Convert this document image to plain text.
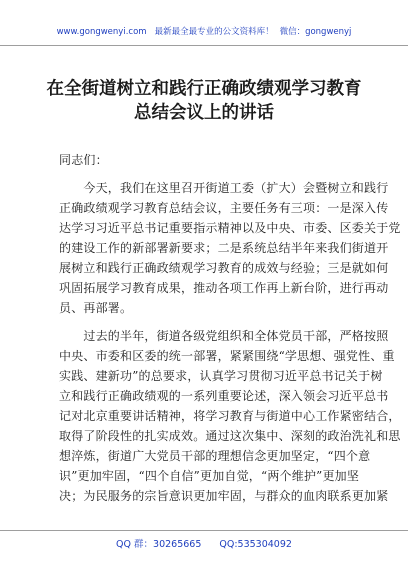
www.gongwenyi.com 最新最全最专业的公文资料库！ 微信：gongwenyj
在全街道树立和践行正确政绩观学习教育
总结会议上的讲话
同志们：
　　今天，我们在这里召开街道工委（扩大）会暨树立和践行
正确政绩观学习教育总结会议，主要任务有三项：一是深入传
达学习习近平总书记重要指示精神以及中央、市委、区委关于党
的建设工作的新部署新要求；二是系统总结半年来我们街道开
展树立和践行正确政绩观学习教育的成效与经验；三是就如何
巩固拓展学习教育成果，推动各项工作再上新台阶，进行再动
员、再部署。
　　过去的半年，街道各级党组织和全体党员干部，严格按照
中央、市委和区委的统一部署，紧紧围绕“学思想、强党性、重
实践、建新功”的总要求，认真学习贯彻习近平总书记关于树
立和践行正确政绩观的一系列重要论述，深入领会习近平总书
记对北京重要讲话精神，将学习教育与街道中心工作紧密结合，
取得了阶段性的扎实成效。通过这次集中、深刻的政治洗礼和思
想淬炼，街道广大党员干部的理想信念更加坚定，“四个意
识”更加牢固，“四个自信”更加自觉，“两个维护”更加坚
决；为民服务的宗旨意识更加牢固，与群众的血肉联系更加紧
QQ 群：30265665 QQ:535304092
